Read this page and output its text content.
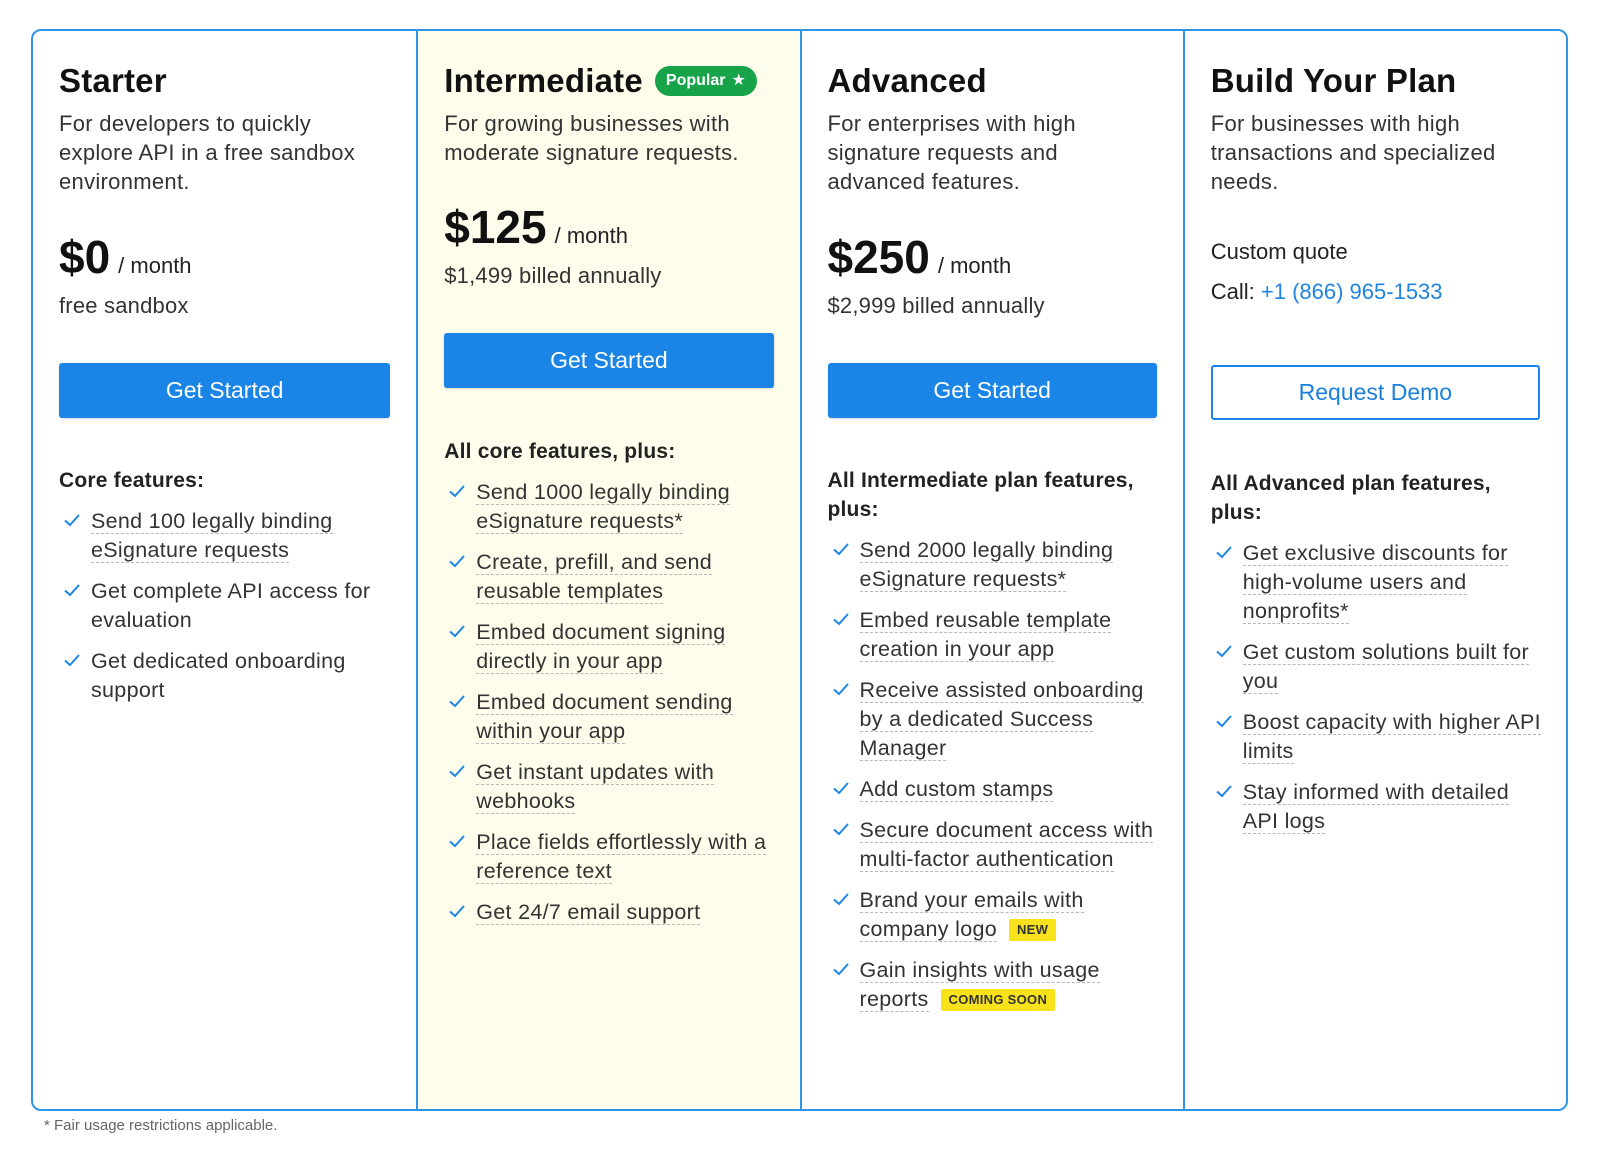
Starter

For developers to quickly explore API in a free sandbox environment.

$0 / month
free sandbox
Get Started
Core features:
Send 100 legally binding eSignature requests
Get complete API access for evaluation
Get dedicated onboarding support
Intermediate Popular ★

For growing businesses with moderate signature requests.

$125 / month
$1,499 billed annually
Get Started
All core features, plus:
Send 1000 legally binding eSignature requests*
Create, prefill, and send reusable templates
Embed document signing directly in your app
Embed document sending within your app
Get instant updates with webhooks
Place fields effortlessly with a reference text
Get 24/7 email support
Advanced

For enterprises with high signature requests and advanced features.

$250 / month
$2,999 billed annually
Get Started
All Intermediate plan features, plus:
Send 2000 legally binding eSignature requests*
Embed reusable template creation in your app
Receive assisted onboarding by a dedicated Success Manager
Add custom stamps
Secure document access with multi-factor authentication
Brand your emails with company logo NEW
Gain insights with usage reports COMING SOON
Build Your Plan

For businesses with high transactions and specialized needs.

Custom quote
Call: +1 (866) 965-1533
Request Demo
All Advanced plan features, plus:
Get exclusive discounts for high-volume users and nonprofits*
Get custom solutions built for you
Boost capacity with higher API limits
Stay informed with detailed API logs
* Fair usage restrictions applicable.
